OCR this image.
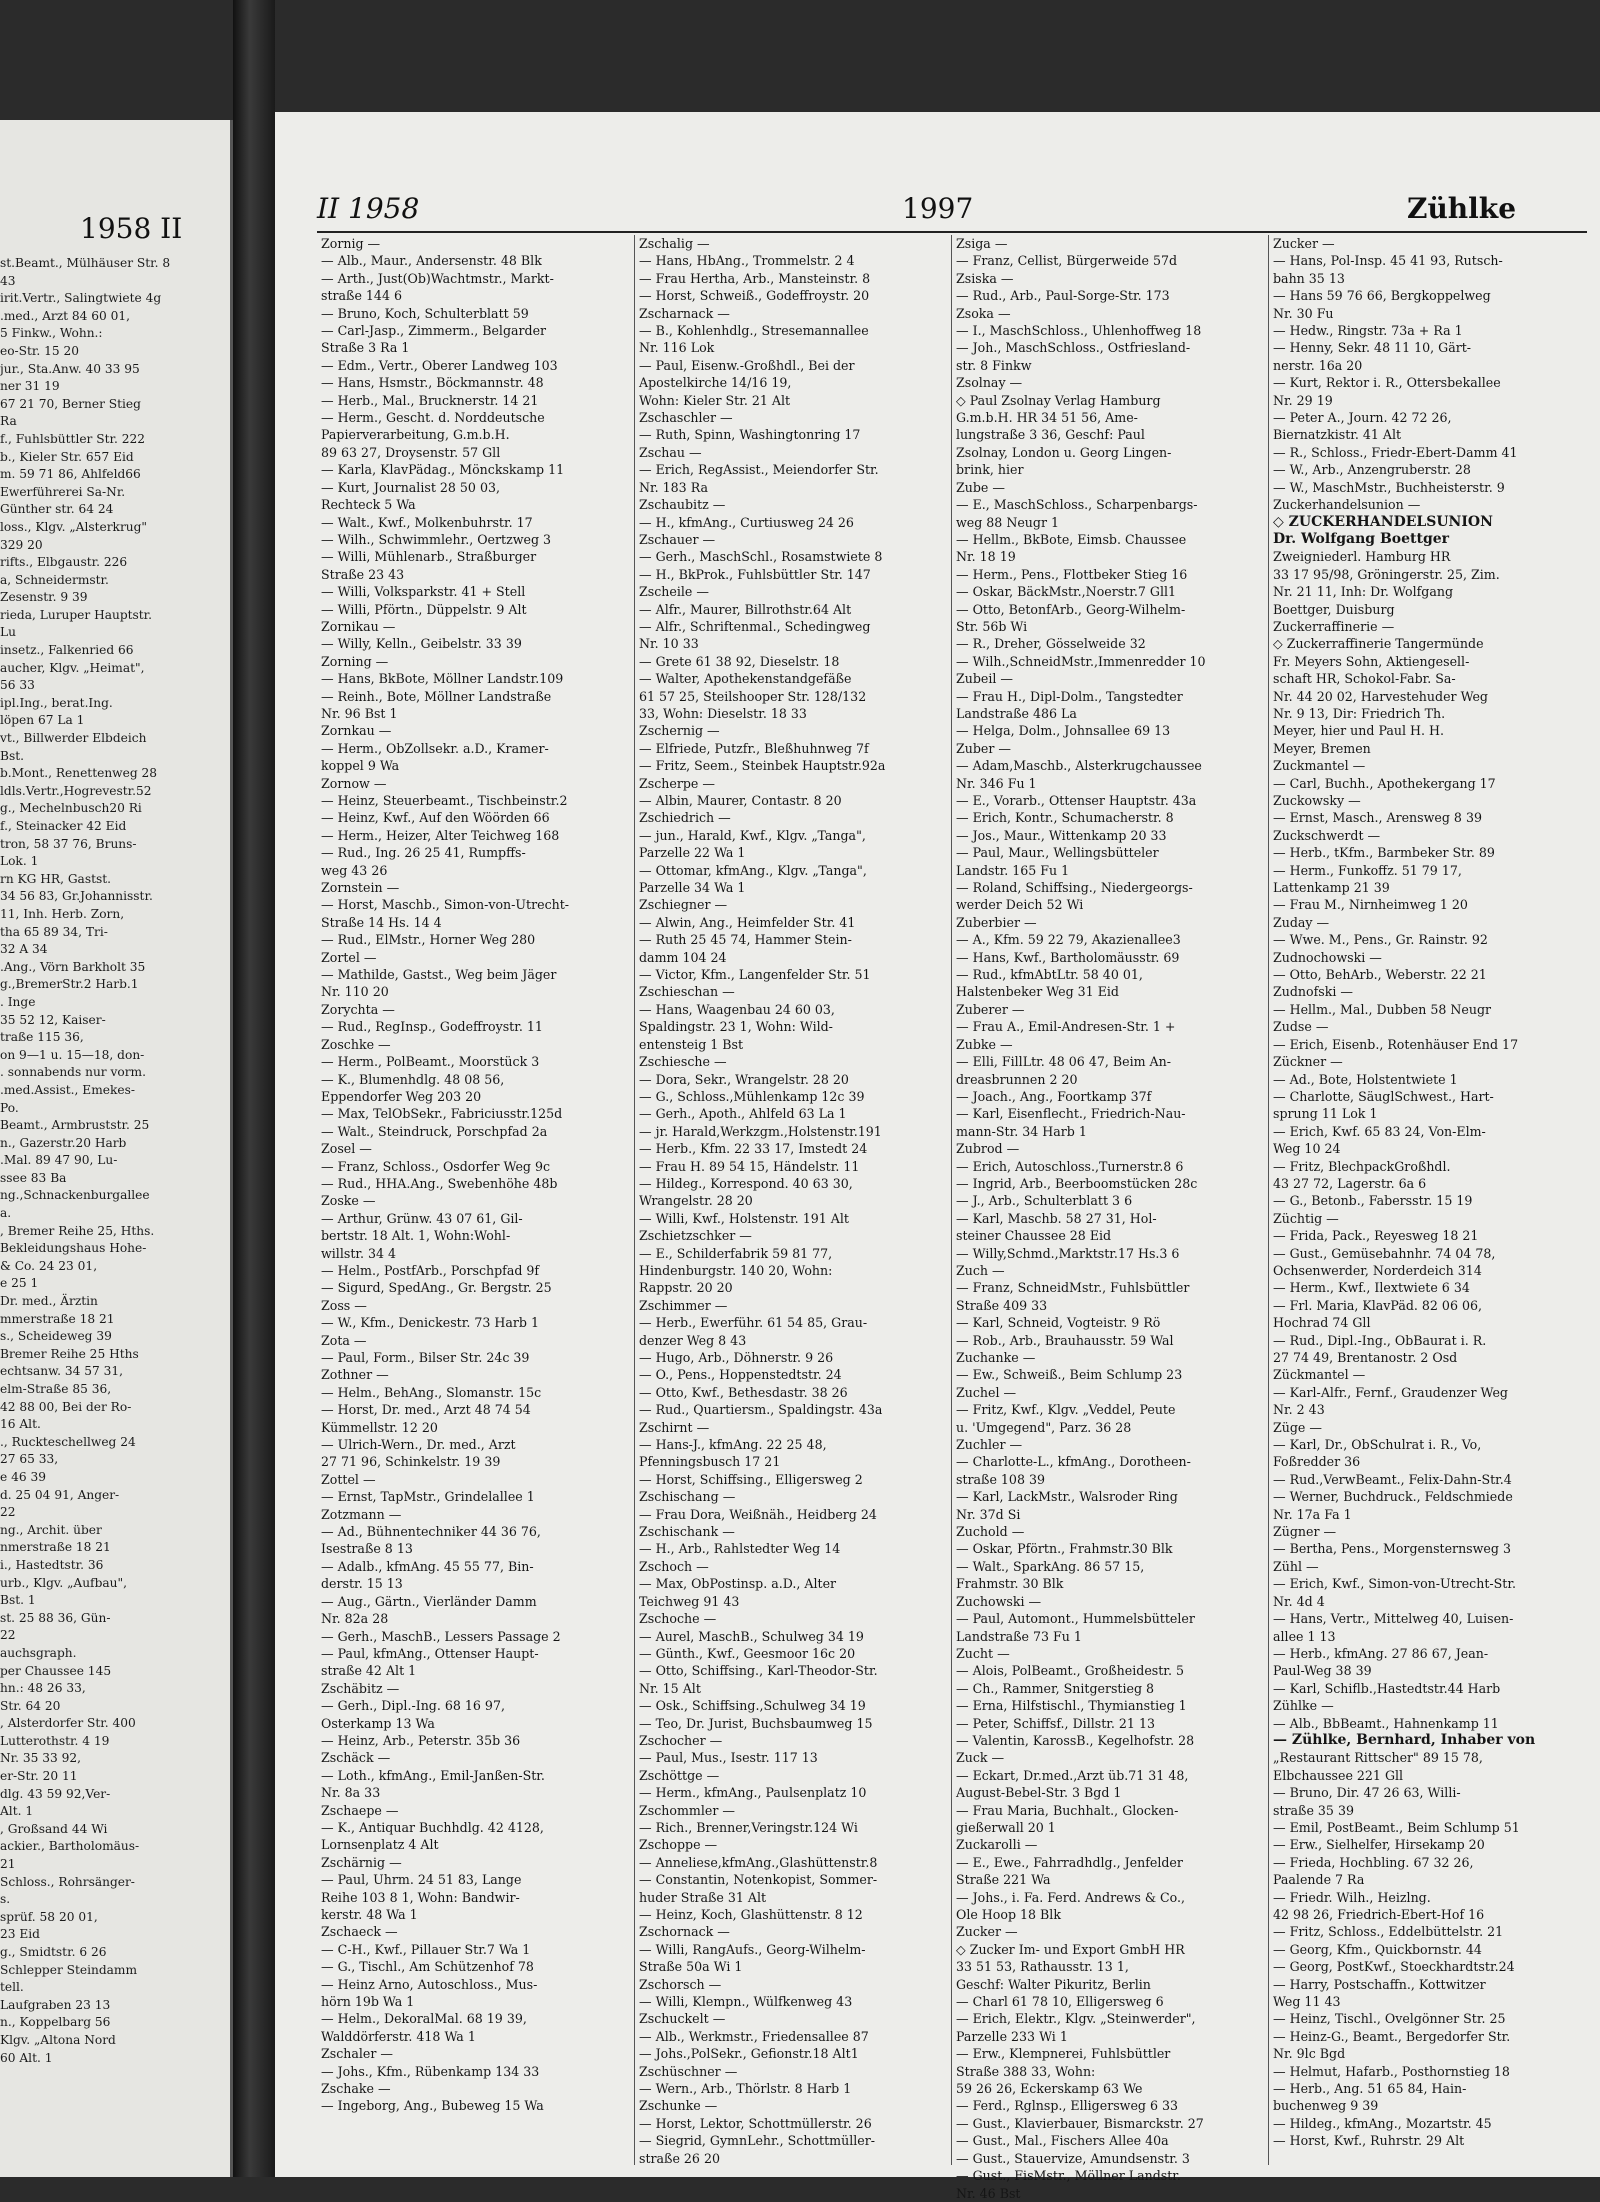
1958 II
st.Beamt., Mülhäuser Str. 8
43
irit.Vertr., Salingtwiete 4g
.med., Arzt 84 60 01,
5 Finkw., Wohn.:
eo-Str. 15 20
jur., Sta.Anw. 40 33 95
ner 31 19
67 21 70, Berner Stieg
Ra
f., Fuhlsbüttler Str. 222
b., Kieler Str. 657 Eid
m. 59 71 86, Ahlfeld66
Ewerführerei Sa-Nr.
Günther str. 64 24
loss., Klgv. „Alsterkrug"
329 20
rifts., Elbgaustr. 226
a, Schneidermstr.
Zesenstr. 9 39
rieda, Luruper Hauptstr.
Lu
insetz., Falkenried 66
aucher, Klgv. „Heimat",
56 33
ipl.Ing., berat.Ing.
löpen 67 La 1
vt., Billwerder Elbdeich
Bst.
b.Mont., Renettenweg 28
ldls.Vertr.,Hogrevestr.52
g., Mechelnbusch20 Ri
f., Steinacker 42 Eid
tron, 58 37 76, Bruns-
Lok. 1
rn KG HR, Gastst.
34 56 83, Gr.Johannisstr.
11, Inh. Herb. Zorn,
tha 65 89 34, Tri-
32 A 34
.Ang., Vörn Barkholt 35
g.,BremerStr.2 Harb.1
. Inge
35 52 12, Kaiser-
traße 115 36,
on 9—1 u. 15—18, don-
. sonnabends nur vorm.
.med.Assist., Emekes-
Po.
Beamt., Armbruststr. 25
n., Gazerstr.20 Harb
.Mal. 89 47 90, Lu-
ssee 83 Ba
ng.,Schnackenburgallee
a.
, Bremer Reihe 25, Hths.
Bekleidungshaus Hohe-
& Co. 24 23 01,
e 25 1
Dr. med., Ärztin
mmerstraße 18 21
s., Scheideweg 39
Bremer Reihe 25 Hths
echtsanw. 34 57 31,
elm-Straße 85 36,
42 88 00, Bei der Ro-
16 Alt.
., Ruckteschellweg 24
27 65 33,
e 46 39
d. 25 04 91, Anger-
22
ng., Archit. über
nmerstraße 18 21
i., Hastedtstr. 36
urb., Klgv. „Aufbau",
Bst. 1
st. 25 88 36, Gün-
22
auchsgraph.
per Chaussee 145
hn.: 48 26 33,
Str. 64 20
, Alsterdorfer Str. 400
Lutterothstr. 4 19
Nr. 35 33 92,
er-Str. 20 11
dlg. 43 59 92,Ver-
Alt. 1
, Großsand 44 Wi
ackier., Bartholomäus-
21
Schloss., Rohrsänger-
s.
sprüf. 58 20 01,
23 Eid
g., Smidtstr. 6 26
Schlepper Steindamm
tell.
Laufgraben 23 13
n., Koppelbarg 56
Klgv. „Altona Nord
60 Alt. 1
II 1958	1997	Zühlke
Zornig —
— Alb., Maur., Andersenstr. 48 Blk
— Arth., Just(Ob)Wachtmstr., Markt-
straße 144 6
— Bruno, Koch, Schulterblatt 59
— Carl-Jasp., Zimmerm., Belgarder
Straße 3 Ra 1
— Edm., Vertr., Oberer Landweg 103
— Hans, Hsmstr., Böckmannstr. 48
— Herb., Mal., Brucknerstr. 14 21
— Herm., Gescht. d. Norddeutsche
Papierverarbeitung, G.m.b.H.
89 63 27, Droysenstr. 57 Gll
— Karla, KlavPädag., Mönckskamp 11
— Kurt, Journalist 28 50 03,
Rechteck 5 Wa
— Walt., Kwf., Molkenbuhrstr. 17
— Wilh., Schwimmlehr., Oertzweg 3
— Willi, Mühlenarb., Straßburger
Straße 23 43
— Willi, Volksparkstr. 41 + Stell
— Willi, Pförtn., Düppelstr. 9 Alt
Zornikau —
— Willy, Kelln., Geibelstr. 33 39
Zorning —
— Hans, BkBote, Möllner Landstr.109
— Reinh., Bote, Möllner Landstraße
Nr. 96 Bst 1
Zornkau —
— Herm., ObZollsekr. a.D., Kramer-
koppel 9 Wa
Zornow —
— Heinz, Steuerbeamt., Tischbeinstr.2
— Heinz, Kwf., Auf den Wöörden 66
— Herm., Heizer, Alter Teichweg 168
— Rud., Ing. 26 25 41, Rumpffs-
weg 43 26
Zornstein —
— Horst, Maschb., Simon-von-Utrecht-
Straße 14 Hs. 14 4
— Rud., ElMstr., Horner Weg 280
Zortel —
— Mathilde, Gastst., Weg beim Jäger
Nr. 110 20
Zorychta —
— Rud., RegInsp., Godeffroystr. 11
Zoschke —
— Herm., PolBeamt., Moorstück 3
— K., Blumenhdlg. 48 08 56,
Eppendorfer Weg 203 20
— Max, TelObSekr., Fabriciusstr.125d
— Walt., Steindruck, Porschpfad 2a
Zosel —
— Franz, Schloss., Osdorfer Weg 9c
— Rud., HHA.Ang., Swebenhöhe 48b
Zoske —
— Arthur, Grünw. 43 07 61, Gil-
bertstr. 18 Alt. 1, Wohn:Wohl-
willstr. 34 4
— Helm., PostfArb., Porschpfad 9f
— Sigurd, SpedAng., Gr. Bergstr. 25
Zoss —
— W., Kfm., Denickestr. 73 Harb 1
Zota —
— Paul, Form., Bilser Str. 24c 39
Zothner —
— Helm., BehAng., Slomanstr. 15c
— Horst, Dr. med., Arzt 48 74 54
Kümmellstr. 12 20
— Ulrich-Wern., Dr. med., Arzt
27 71 96, Schinkelstr. 19 39
Zottel —
— Ernst, TapMstr., Grindelallee 1
Zotzmann —
— Ad., Bühnentechniker 44 36 76,
Isestraße 8 13
— Adalb., kfmAng. 45 55 77, Bin-
derstr. 15 13
— Aug., Gärtn., Vierländer Damm
Nr. 82a 28
— Gerh., MaschB., Lessers Passage 2
— Paul, kfmAng., Ottenser Haupt-
straße 42 Alt 1
Zschäbitz —
— Gerh., Dipl.-Ing. 68 16 97,
Osterkamp 13 Wa
— Heinz, Arb., Peterstr. 35b 36
Zschäck —
— Loth., kfmAng., Emil-Janßen-Str.
Nr. 8a 33
Zschaepe —
— K., Antiquar Buchhdlg. 42 4128,
Lornsenplatz 4 Alt
Zschärnig —
— Paul, Uhrm. 24 51 83, Lange
Reihe 103 8 1, Wohn: Bandwir-
kerstr. 48 Wa 1
Zschaeck —
— C-H., Kwf., Pillauer Str.7 Wa 1
— G., Tischl., Am Schützenhof 78
— Heinz Arno, Autoschloss., Mus-
hörn 19b Wa 1
— Helm., DekoralMal. 68 19 39,
Walddörferstr. 418 Wa 1
Zschaler —
— Johs., Kfm., Rübenkamp 134 33
Zschake —
— Ingeborg, Ang., Bubeweg 15 Wa
Zschalig —
— Hans, HbAng., Trommelstr. 2 4
— Frau Hertha, Arb., Mansteinstr. 8
— Horst, Schweiß., Godeffroystr. 20
Zscharnack —
— B., Kohlenhdlg., Stresemannallee
Nr. 116 Lok
— Paul, Eisenw.-Großhdl., Bei der
Apostelkirche 14/16 19,
Wohn: Kieler Str. 21 Alt
Zschaschler —
— Ruth, Spinn, Washingtonring 17
Zschau —
— Erich, RegAssist., Meiendorfer Str.
Nr. 183 Ra
Zschaubitz —
— H., kfmAng., Curtiusweg 24 26
Zschauer —
— Gerh., MaschSchl., Rosamstwiete 8
— H., BkProk., Fuhlsbüttler Str. 147
Zscheile —
— Alfr., Maurer, Billrothstr.64 Alt
— Alfr., Schriftenmal., Schedingweg
Nr. 10 33
— Grete 61 38 92, Dieselstr. 18
— Walter, Apothekenstandgefäße
61 57 25, Steilshooper Str. 128/132
33, Wohn: Dieselstr. 18 33
Zschernig —
— Elfriede, Putzfr., Bleßhuhnweg 7f
— Fritz, Seem., Steinbek Hauptstr.92a
Zscherpe —
— Albin, Maurer, Contastr. 8 20
Zschiedrich —
— jun., Harald, Kwf., Klgv. „Tanga",
Parzelle 22 Wa 1
— Ottomar, kfmAng., Klgv. „Tanga",
Parzelle 34 Wa 1
Zschiegner —
— Alwin, Ang., Heimfelder Str. 41
— Ruth 25 45 74, Hammer Stein-
damm 104 24
— Victor, Kfm., Langenfelder Str. 51
Zschieschan —
— Hans, Waagenbau 24 60 03,
Spaldingstr. 23 1, Wohn: Wild-
entensteig 1 Bst
Zschiesche —
— Dora, Sekr., Wrangelstr. 28 20
— G., Schloss.,Mühlenkamp 12c 39
— Gerh., Apoth., Ahlfeld 63 La 1
— jr. Harald,Werkzgm.,Holstenstr.191
— Herb., Kfm. 22 33 17, Imstedt 24
— Frau H. 89 54 15, Händelstr. 11
— Hildeg., Korrespond. 40 63 30,
Wrangelstr. 28 20
— Willi, Kwf., Holstenstr. 191 Alt
Zschietzschker —
— E., Schilderfabrik 59 81 77,
Hindenburgstr. 140 20, Wohn:
Rappstr. 20 20
Zschimmer —
— Herb., Ewerführ. 61 54 85, Grau-
denzer Weg 8 43
— Hugo, Arb., Döhnerstr. 9 26
— O., Pens., Hoppenstedtstr. 24
— Otto, Kwf., Bethesdastr. 38 26
— Rud., Quartiersm., Spaldingstr. 43a
Zschirnt —
— Hans-J., kfmAng. 22 25 48,
Pfenningsbusch 17 21
— Horst, Schiffsing., Elligersweg 2
Zschischang —
— Frau Dora, Weißnäh., Heidberg 24
Zschischank —
— H., Arb., Rahlstedter Weg 14
Zschoch —
— Max, ObPostinsp. a.D., Alter
Teichweg 91 43
Zschoche —
— Aurel, MaschB., Schulweg 34 19
— Günth., Kwf., Geesmoor 16c 20
— Otto, Schiffsing., Karl-Theodor-Str.
Nr. 15 Alt
— Osk., Schiffsing.,Schulweg 34 19
— Teo, Dr. Jurist, Buchsbaumweg 15
Zschocher —
— Paul, Mus., Isestr. 117 13
Zschöttge —
— Herm., kfmAng., Paulsenplatz 10
Zschommler —
— Rich., Brenner,Veringstr.124 Wi
Zschoppe —
— Anneliese,kfmAng.,Glashüttenstr.8
— Constantin, Notenkopist, Sommer-
huder Straße 31 Alt
— Heinz, Koch, Glashüttenstr. 8 12
Zschornack —
— Willi, RangAufs., Georg-Wilhelm-
Straße 50a Wi 1
Zschorsch —
— Willi, Klempn., Wülfkenweg 43
Zschuckelt —
— Alb., Werkmstr., Friedensallee 87
— Johs.,PolSekr., Gefionstr.18 Alt1
Zschüschner —
— Wern., Arb., Thörlstr. 8 Harb 1
Zschunke —
— Horst, Lektor, Schottmüllerstr. 26
— Siegrid, GymnLehr., Schottmüller-
straße 26 20
Zsiga —
— Franz, Cellist, Bürgerweide 57d
Zsiska —
— Rud., Arb., Paul-Sorge-Str. 173
Zsoka —
— I., MaschSchloss., Uhlenhoffweg 18
— Joh., MaschSchloss., Ostfriesland-
str. 8 Finkw
Zsolnay —
◇ Paul Zsolnay Verlag Hamburg
G.m.b.H. HR 34 51 56, Ame-
lungstraße 3 36, Geschf: Paul
Zsolnay, London u. Georg Lingen-
brink, hier
Zube —
— E., MaschSchloss., Scharpenbargs-
weg 88 Neugr 1
— Hellm., BkBote, Eimsb. Chaussee
Nr. 18 19
— Herm., Pens., Flottbeker Stieg 16
— Oskar, BäckMstr.,Noerstr.7 Gll1
— Otto, BetonfArb., Georg-Wilhelm-
Str. 56b Wi
— R., Dreher, Gösselweide 32
— Wilh.,SchneidMstr.,Immenredder 10
Zubeil —
— Frau H., Dipl-Dolm., Tangstedter
Landstraße 486 La
— Helga, Dolm., Johnsallee 69 13
Zuber —
— Adam,Maschb., Alsterkrugchaussee
Nr. 346 Fu 1
— E., Vorarb., Ottenser Hauptstr. 43a
— Erich, Kontr., Schumacherstr. 8
— Jos., Maur., Wittenkamp 20 33
— Paul, Maur., Wellingsbütteler
Landstr. 165 Fu 1
— Roland, Schiffsing., Niedergeorgs-
werder Deich 52 Wi
Zuberbier —
— A., Kfm. 59 22 79, Akazienallee3
— Hans, Kwf., Bartholomäusstr. 69
— Rud., kfmAbtLtr. 58 40 01,
Halstenbeker Weg 31 Eid
Zuberer —
— Frau A., Emil-Andresen-Str. 1 +
Zubke —
— Elli, FillLtr. 48 06 47, Beim An-
dreasbrunnen 2 20
— Joach., Ang., Foortkamp 37f
— Karl, Eisenflecht., Friedrich-Nau-
mann-Str. 34 Harb 1
Zubrod —
— Erich, Autoschloss.,Turnerstr.8 6
— Ingrid, Arb., Beerboomstücken 28c
— J., Arb., Schulterblatt 3 6
— Karl, Maschb. 58 27 31, Hol-
steiner Chaussee 28 Eid
— Willy,Schmd.,Marktstr.17 Hs.3 6
Zuch —
— Franz, SchneidMstr., Fuhlsbüttler
Straße 409 33
— Karl, Schneid, Vogteistr. 9 Rö
— Rob., Arb., Brauhausstr. 59 Wal
Zuchanke —
— Ew., Schweiß., Beim Schlump 23
Zuchel —
— Fritz, Kwf., Klgv. „Veddel, Peute
u. 'Umgegend", Parz. 36 28
Zuchler —
— Charlotte-L., kfmAng., Dorotheen-
straße 108 39
— Karl, LackMstr., Walsroder Ring
Nr. 37d Si
Zuchold —
— Oskar, Pförtn., Frahmstr.30 Blk
— Walt., SparkAng. 86 57 15,
Frahmstr. 30 Blk
Zuchowski —
— Paul, Automont., Hummelsbütteler
Landstraße 73 Fu 1
Zucht —
— Alois, PolBeamt., Großheidestr. 5
— Ch., Rammer, Snitgerstieg 8
— Erna, Hilfstischl., Thymianstieg 1
— Peter, Schiffsf., Dillstr. 21 13
— Valentin, KarossB., Kegelhofstr. 28
Zuck —
— Eckart, Dr.med.,Arzt üb.71 31 48,
August-Bebel-Str. 3 Bgd 1
— Frau Maria, Buchhalt., Glocken-
gießerwall 20 1
Zuckarolli —
— E., Ewe., Fahrradhdlg., Jenfelder
Straße 221 Wa
— Johs., i. Fa. Ferd. Andrews & Co.,
Ole Hoop 18 Blk
Zucker —
◇ Zucker Im- und Export GmbH HR
33 51 53, Rathausstr. 13 1,
Geschf: Walter Pikuritz, Berlin
— Charl 61 78 10, Elligersweg 6
— Erich, Elektr., Klgv. „Steinwerder",
Parzelle 233 Wi 1
— Erw., Klempnerei, Fuhlsbüttler
Straße 388 33, Wohn:
59 26 26, Eckerskamp 63 We
— Ferd., Rglnsp., Elligersweg 6 33
— Gust., Klavierbauer, Bismarckstr. 27
— Gust., Mal., Fischers Allee 40a
— Gust., Stauervize, Amundsenstr. 3
— Gust., FisMstr., Möllner Landstr.
Nr. 46 Bst
Zucker —
— Hans, Pol-Insp. 45 41 93, Rutsch-
bahn 35 13
— Hans 59 76 66, Bergkoppelweg
Nr. 30 Fu
— Hedw., Ringstr. 73a + Ra 1
— Henny, Sekr. 48 11 10, Gärt-
nerstr. 16a 20
— Kurt, Rektor i. R., Ottersbekallee
Nr. 29 19
— Peter A., Journ. 42 72 26,
Biernatzkistr. 41 Alt
— R., Schloss., Friedr-Ebert-Damm 41
— W., Arb., Anzengruberstr. 28
— W., MaschMstr., Buchheisterstr. 9
Zuckerhandelsunion —
◇ ZUCKERHANDELSUNION
Dr. Wolfgang Boettger
Zweigniederl. Hamburg HR
33 17 95/98, Gröningerstr. 25, Zim.
Nr. 21 11, Inh: Dr. Wolfgang
Boettger, Duisburg
Zuckerraffinerie —
◇ Zuckerraffinerie Tangermünde
Fr. Meyers Sohn, Aktiengesell-
schaft HR, Schokol-Fabr. Sa-
Nr. 44 20 02, Harvestehuder Weg
Nr. 9 13, Dir: Friedrich Th.
Meyer, hier und Paul H. H.
Meyer, Bremen
Zuckmantel —
— Carl, Buchh., Apothekergang 17
Zuckowsky —
— Ernst, Masch., Arensweg 8 39
Zuckschwerdt —
— Herb., tKfm., Barmbeker Str. 89
— Herm., Funkoffz. 51 79 17,
Lattenkamp 21 39
— Frau M., Nirnheimweg 1 20
Zuday —
— Wwe. M., Pens., Gr. Rainstr. 92
Zudnochowski —
— Otto, BehArb., Weberstr. 22 21
Zudnofski —
— Hellm., Mal., Dubben 58 Neugr
Zudse —
— Erich, Eisenb., Rotenhäuser End 17
Zückner —
— Ad., Bote, Holstentwiete 1
— Charlotte, SäuglSchwest., Hart-
sprung 11 Lok 1
— Erich, Kwf. 65 83 24, Von-Elm-
Weg 10 24
— Fritz, BlechpackGroßhdl.
43 27 72, Lagerstr. 6a 6
— G., Betonb., Fabersstr. 15 19
Züchtig —
— Frida, Pack., Reyesweg 18 21
— Gust., Gemüsebahnhr. 74 04 78,
Ochsenwerder, Norderdeich 314
— Herm., Kwf., Ilextwiete 6 34
— Frl. Maria, KlavPäd. 82 06 06,
Hochrad 74 Gll
— Rud., Dipl.-Ing., ObBaurat i. R.
27 74 49, Brentanostr. 2 Osd
Zückmantel —
— Karl-Alfr., Fernf., Graudenzer Weg
Nr. 2 43
Züge —
— Karl, Dr., ObSchulrat i. R., Vo,
Foßredder 36
— Rud.,VerwBeamt., Felix-Dahn-Str.4
— Werner, Buchdruck., Feldschmiede
Nr. 17a Fa 1
Zügner —
— Bertha, Pens., Morgensternsweg 3
Zühl —
— Erich, Kwf., Simon-von-Utrecht-Str.
Nr. 4d 4
— Hans, Vertr., Mittelweg 40, Luisen-
allee 1 13
— Herb., kfmAng. 27 86 67, Jean-
Paul-Weg 38 39
— Karl, Schiflb.,Hastedtstr.44 Harb
Zühlke —
— Alb., BbBeamt., Hahnenkamp 11
— Zühlke, Bernhard, Inhaber von
„Restaurant Rittscher" 89 15 78,
Elbchaussee 221 Gll
— Bruno, Dir. 47 26 63, Willi-
straße 35 39
— Emil, PostBeamt., Beim Schlump 51
— Erw., Sielhelfer, Hirsekamp 20
— Frieda, Hochbling. 67 32 26,
Paalende 7 Ra
— Friedr. Wilh., Heizlng.
42 98 26, Friedrich-Ebert-Hof 16
— Fritz, Schloss., Eddelbüttelstr. 21
— Georg, Kfm., Quickbornstr. 44
— Georg, PostKwf., Stoeckhardtstr.24
— Harry, Postschaffn., Kottwitzer
Weg 11 43
— Heinz, Tischl., Ovelgönner Str. 25
— Heinz-G., Beamt., Bergedorfer Str.
Nr. 9lc Bgd
— Helmut, Hafarb., Posthornstieg 18
— Herb., Ang. 51 65 84, Hain-
buchenweg 9 39
— Hildeg., kfmAng., Mozartstr. 45
— Horst, Kwf., Ruhrstr. 29 Alt
